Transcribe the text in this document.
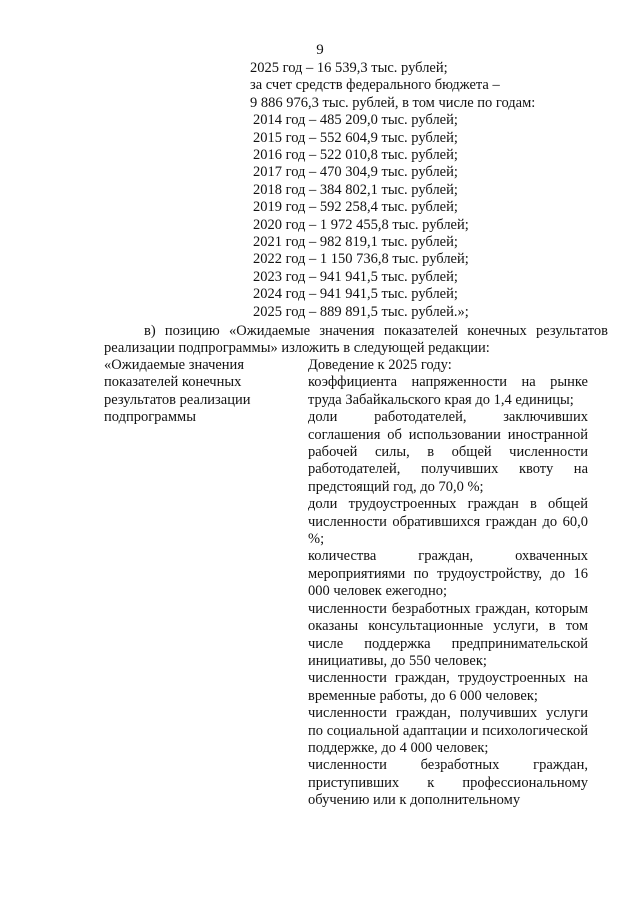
9
2025 год – 16 539,3 тыс. рублей;
за счет средств федерального бюджета –
9 886 976,3 тыс. рублей, в том числе по годам:
2014 год – 485 209,0 тыс. рублей;
2015 год – 552 604,9 тыс. рублей;
2016 год – 522 010,8 тыс. рублей;
2017 год – 470 304,9 тыс. рублей;
2018 год – 384 802,1 тыс. рублей;
2019 год – 592 258,4 тыс. рублей;
2020 год – 1 972 455,8 тыс. рублей;
2021 год – 982 819,1 тыс. рублей;
2022 год – 1 150 736,8 тыс. рублей;
2023 год – 941 941,5 тыс. рублей;
2024 год – 941 941,5 тыс. рублей;
2025 год – 889 891,5 тыс. рублей.»;
в) позицию «Ожидаемые значения показателей конечных результатов
реализации подпрограммы» изложить в следующей редакции:
«Ожидаемые значения показателей конечных результатов реализации подпрограммы
Доведение к 2025 году:
коэффициента напряженности на рынке труда Забайкальского края до 1,4 единицы;
доли работодателей, заключивших соглашения об использовании иностранной рабочей силы, в общей численности работодателей, получивших квоту на предстоящий год, до 70,0 %;
доли трудоустроенных граждан в общей численности обратившихся граждан до 60,0 %;
количества граждан, охваченных мероприятиями по трудоустройству, до 16 000 человек ежегодно;
численности безработных граждан, которым оказаны консультационные услуги, в том числе поддержка предпринимательской инициативы, до 550 человек;
численности граждан, трудоустроенных на временные работы, до 6 000 человек;
численности граждан, получивших услуги по социальной адаптации и психологической поддержке, до 4 000 человек;
численности безработных граждан, приступивших к профессиональному обучению или к дополнительному
